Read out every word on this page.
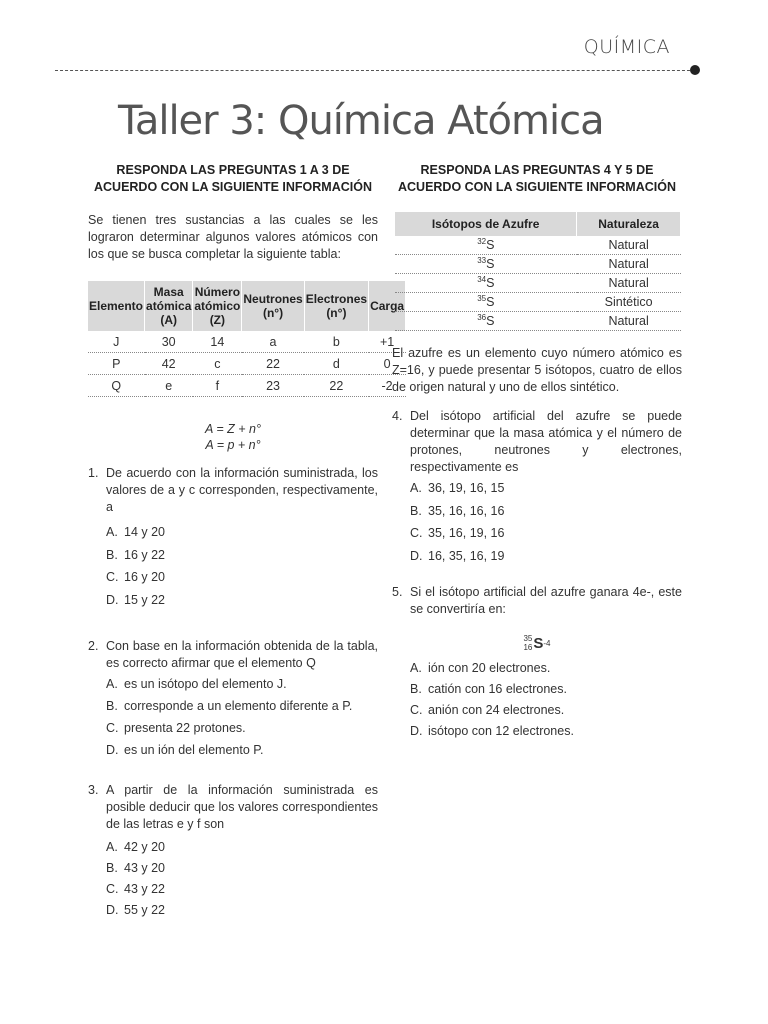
QUÍMICA
Taller 3: Química Atómica
RESPONDA LAS PREGUNTAS 1 A 3 DE ACUERDO CON LA SIGUIENTE INFORMACIÓN
Se tienen tres sustancias a las cuales se les lograron determinar algunos valores atómicos con los que se busca completar la siguiente tabla:
Elemento	Masa atómica (A)	Número atómico (Z)	Neutrones (n°)	Electrones (n°)	Carga
J	30	14	a	b	+1
P	42	c	22	d	0
Q	e	f	23	22	-2
A = Z + n°
A = p + n°
1. De acuerdo con la información suministrada, los valores de a y c corresponden, respectivamente, a
A. 14 y 20
B. 16 y 22
C. 16 y 20
D. 15 y 22
2. Con base en la información obtenida de la tabla, es correcto afirmar que el elemento Q
A. es un isótopo del elemento J.
B. corresponde a un elemento diferente a P.
C. presenta 22 protones.
D. es un ión del elemento P.
3. A partir de la información suministrada es posible deducir que los valores correspondientes de las letras e y f son
A. 42 y 20
B. 43 y 20
C. 43 y 22
D. 55 y 22
RESPONDA LAS PREGUNTAS 4 Y 5 DE ACUERDO CON LA SIGUIENTE INFORMACIÓN
Isótopos de Azufre	Naturaleza
$^{32}$S	Natural
$^{33}$S	Natural
$^{34}$S	Natural
$^{35}$S	Sintético
$^{36}$S	Natural
El azufre es un elemento cuyo número atómico es Z=16, y puede presentar 5 isótopos, cuatro de ellos de origen natural y uno de ellos sintético.
4. Del isótopo artificial del azufre se puede determinar que la masa atómica y el número de protones, neutrones y electrones, respectivamente es
A. 36, 19, 16, 15
B. 35, 16, 16, 16
C. 35, 16, 19, 16
D. 16, 35, 16, 19
5. Si el isótopo artificial del azufre ganara 4e-, este se convertiría en:
35
16 S -4
A. ión con 20 electrones.
B. catión con 16 electrones.
C. anión con 24 electrones.
D. isótopo con 12 electrones.
